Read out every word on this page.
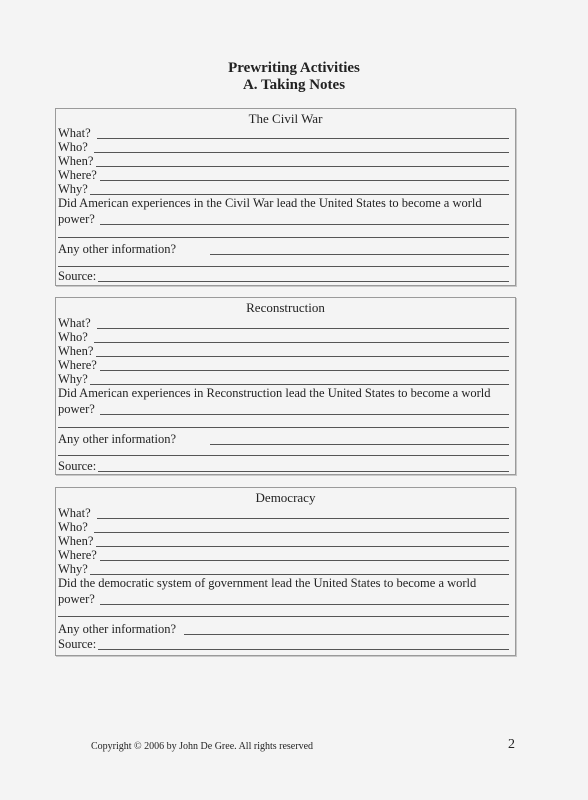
Prewriting Activities
A. Taking Notes
The Civil War
What?
Who?
When?
Where?
Why?
Did American experiences in the Civil War lead the United States to become a world
power?
Any other information?
Source:
Reconstruction
What?
Who?
When?
Where?
Why?
Did American experiences in Reconstruction lead the United States to become a world
power?
Any other information?
Source:
Democracy
What?
Who?
When?
Where?
Why?
Did the democratic system of government lead the United States to become a world
power?
Any other information?
Source:
Copyright © 2006 by John De Gree. All rights reserved	2
